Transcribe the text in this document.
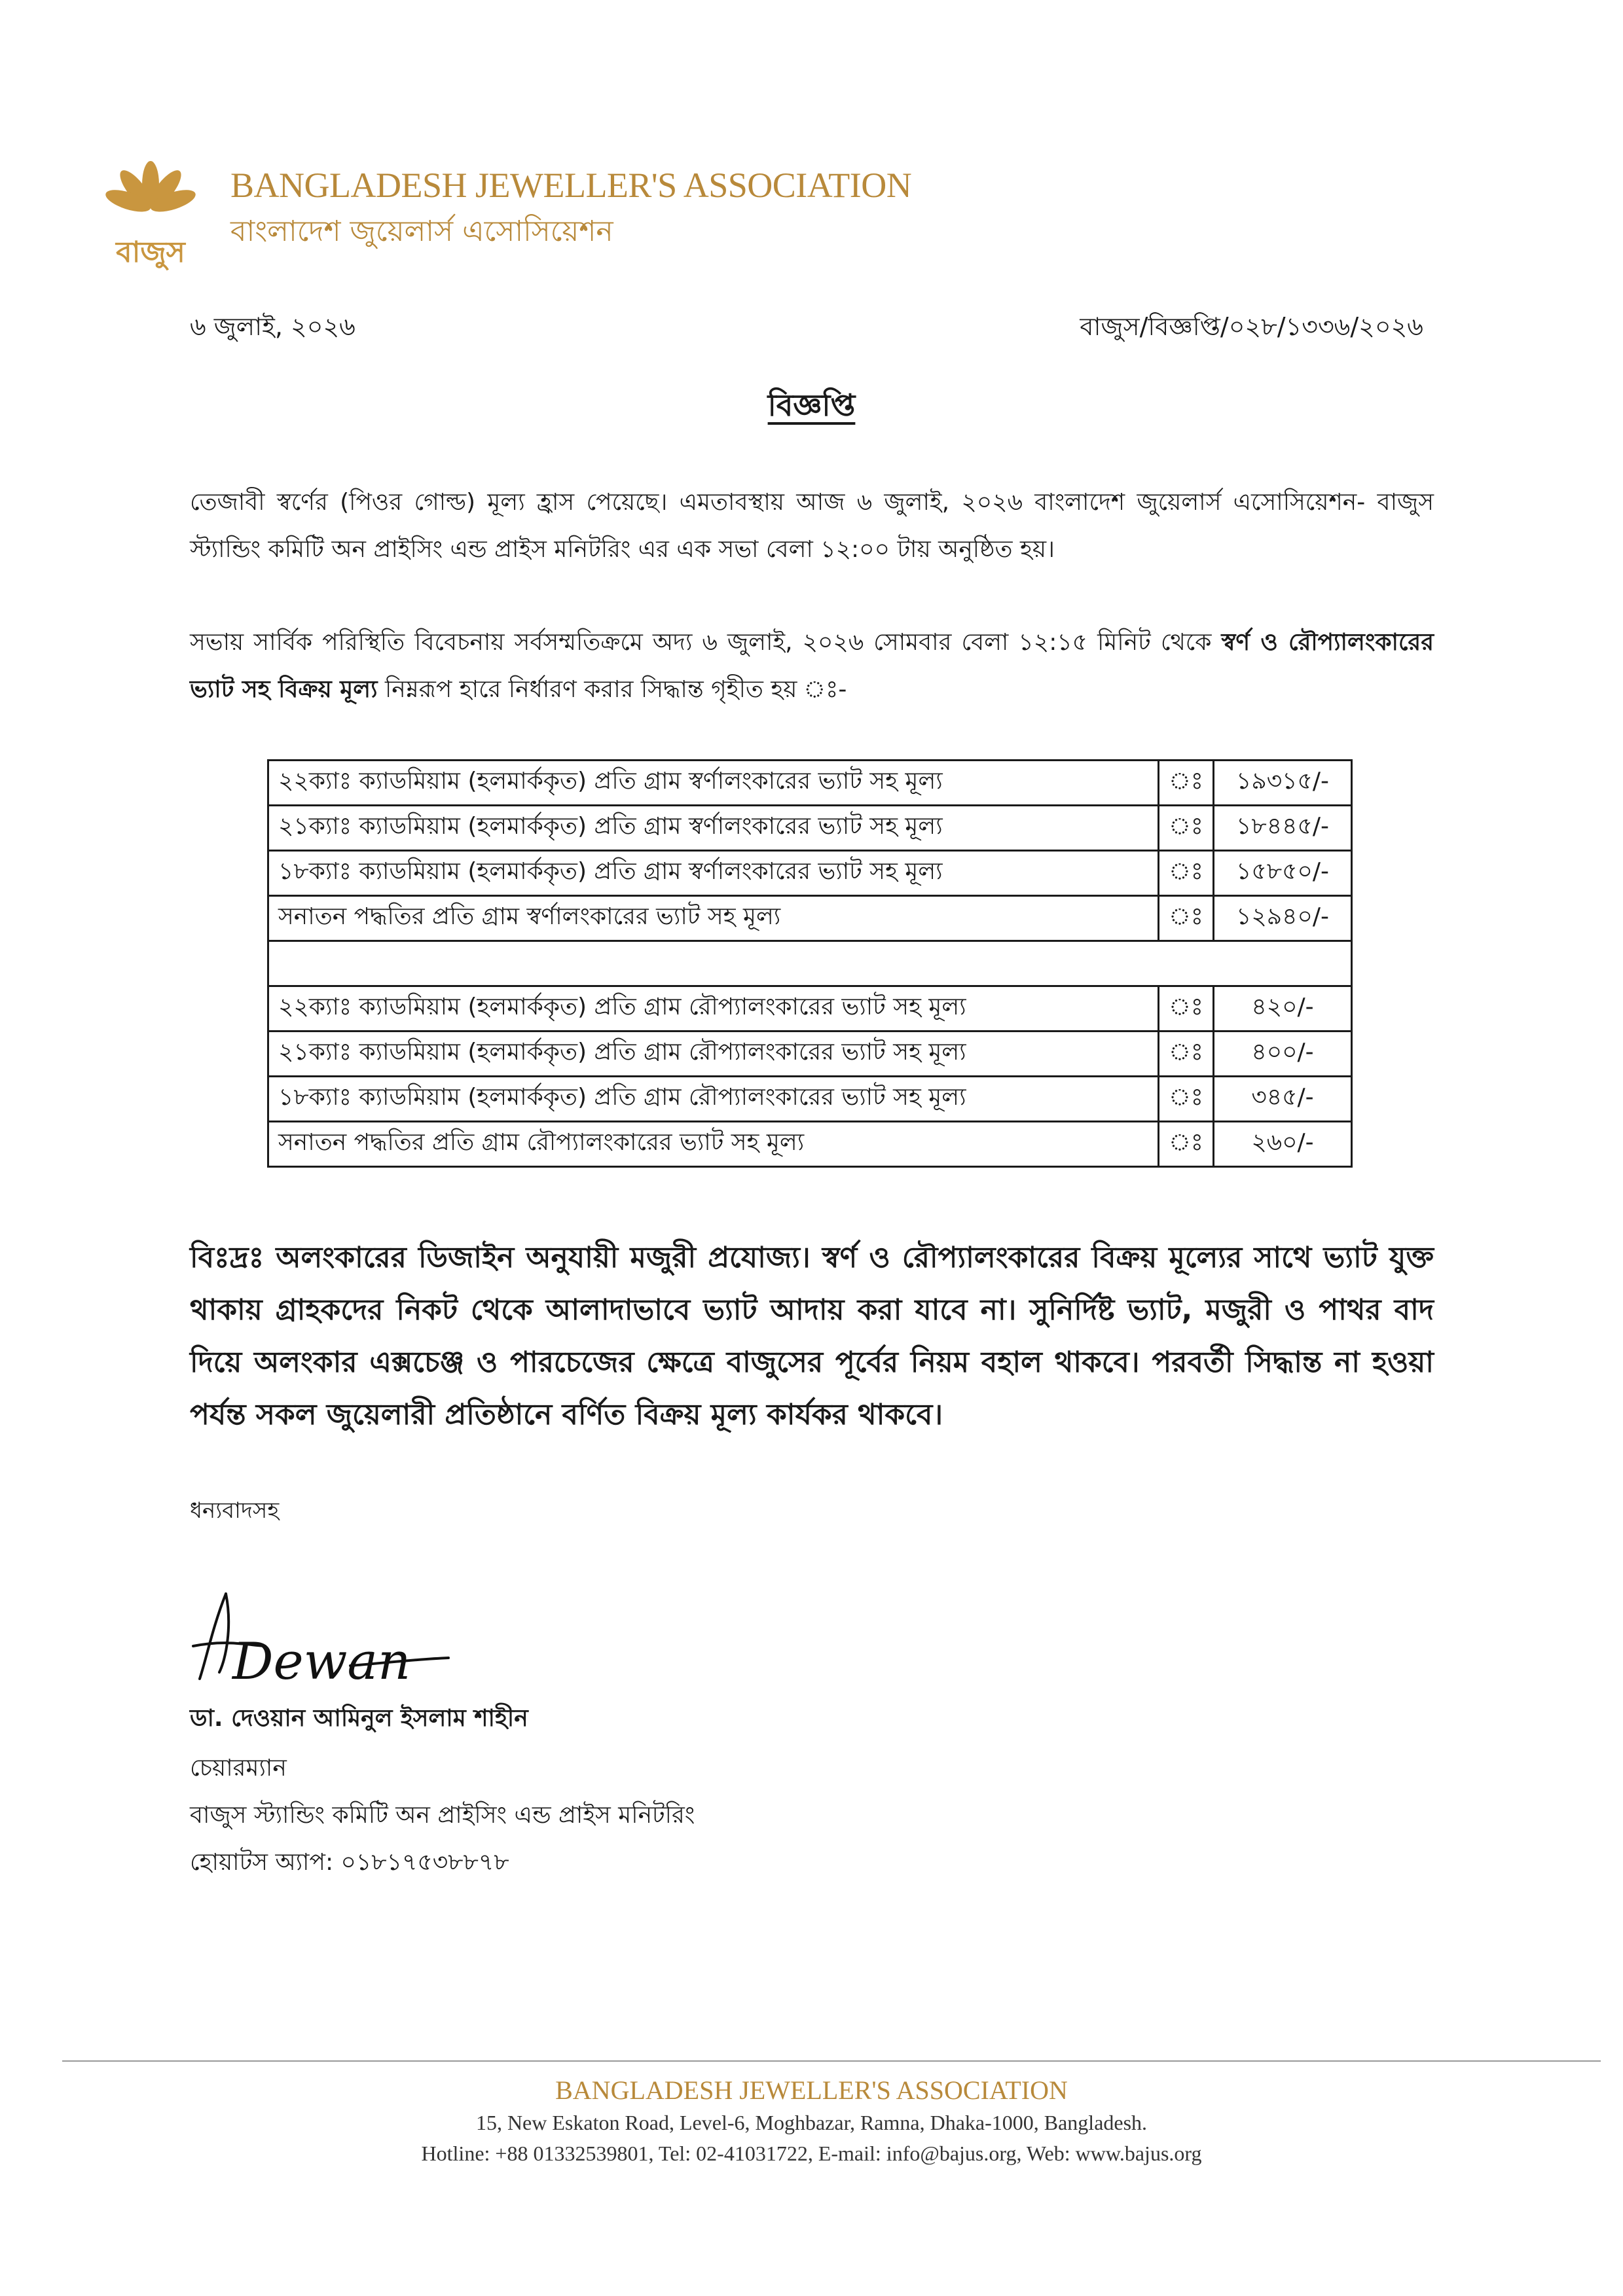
বাজুস
BANGLADESH JEWELLER'S ASSOCIATION
বাংলাদেশ জুয়েলার্স এসোসিয়েশন
৬ জুলাই, ২০২৬	বাজুস/বিজ্ঞপ্তি/০২৮/১৩৩৬/২০২৬
বিজ্ঞপ্তি
তেজাবী স্বর্ণের (পিওর গোল্ড) মূল্য হ্রাস পেয়েছে। এমতাবস্থায় আজ ৬ জুলাই, ২০২৬ বাংলাদেশ জুয়েলার্স এসোসিয়েশন- বাজুস স্ট্যান্ডিং কমিটি অন প্রাইসিং এন্ড প্রাইস মনিটরিং এর এক সভা বেলা ১২:০০ টায় অনুষ্ঠিত হয়।
সভায় সার্বিক পরিস্থিতি বিবেচনায় সর্বসম্মতিক্রমে অদ্য ৬ জুলাই, ২০২৬ সোমবার বেলা ১২:১৫ মিনিট থেকে স্বর্ণ ও রৌপ্যালংকারের ভ্যাট সহ বিক্রয় মূল্য নিম্নরূপ হারে নির্ধারণ করার সিদ্ধান্ত গৃহীত হয় ঃ-
২২ক্যাঃ ক্যাডমিয়াম (হলমার্ককৃত) প্রতি গ্রাম স্বর্ণালংকারের ভ্যাট সহ মূল্য	ঃ	১৯৩১৫/-
২১ক্যাঃ ক্যাডমিয়াম (হলমার্ককৃত) প্রতি গ্রাম স্বর্ণালংকারের ভ্যাট সহ মূল্য	ঃ	১৮৪৪৫/-
১৮ক্যাঃ ক্যাডমিয়াম (হলমার্ককৃত) প্রতি গ্রাম স্বর্ণালংকারের ভ্যাট সহ মূল্য	ঃ	১৫৮৫০/-
সনাতন পদ্ধতির প্রতি গ্রাম স্বর্ণালংকারের ভ্যাট সহ মূল্য	ঃ	১২৯৪০/-

২২ক্যাঃ ক্যাডমিয়াম (হলমার্ককৃত) প্রতি গ্রাম রৌপ্যালংকারের ভ্যাট সহ মূল্য	ঃ	৪২০/-
২১ক্যাঃ ক্যাডমিয়াম (হলমার্ককৃত) প্রতি গ্রাম রৌপ্যালংকারের ভ্যাট সহ মূল্য	ঃ	৪০০/-
১৮ক্যাঃ ক্যাডমিয়াম (হলমার্ককৃত) প্রতি গ্রাম রৌপ্যালংকারের ভ্যাট সহ মূল্য	ঃ	৩৪৫/-
সনাতন পদ্ধতির প্রতি গ্রাম রৌপ্যালংকারের ভ্যাট সহ মূল্য	ঃ	২৬০/-
বিঃদ্রঃ অলংকারের ডিজাইন অনুযায়ী মজুরী প্রযোজ্য। স্বর্ণ ও রৌপ্যালংকারের বিক্রয় মূল্যের সাথে ভ্যাট যুক্ত থাকায় গ্রাহকদের নিকট থেকে আলাদাভাবে ভ্যাট আদায় করা যাবে না। সুনির্দিষ্ট ভ্যাট, মজুরী ও পাথর বাদ দিয়ে অলংকার এক্সচেঞ্জ ও পারচেজের ক্ষেত্রে বাজুসের পূর্বের নিয়ম বহাল থাকবে। পরবর্তী সিদ্ধান্ত না হওয়া পর্যন্ত সকল জুয়েলারী প্রতিষ্ঠানে বর্ণিত বিক্রয় মূল্য কার্যকর থাকবে।
ধন্যবাদসহ
Dewan
ডা. দেওয়ান আমিনুল ইসলাম শাহীন
চেয়ারম্যান
বাজুস স্ট্যান্ডিং কমিটি অন প্রাইসিং এন্ড প্রাইস মনিটরিং
হোয়াটস অ্যাপ: ০১৮১৭৫৩৮৮৭৮
BANGLADESH JEWELLER'S ASSOCIATION
15, New Eskaton Road, Level-6, Moghbazar, Ramna, Dhaka-1000, Bangladesh.
Hotline: +88 01332539801, Tel: 02-41031722, E-mail: info@bajus.org, Web: www.bajus.org
